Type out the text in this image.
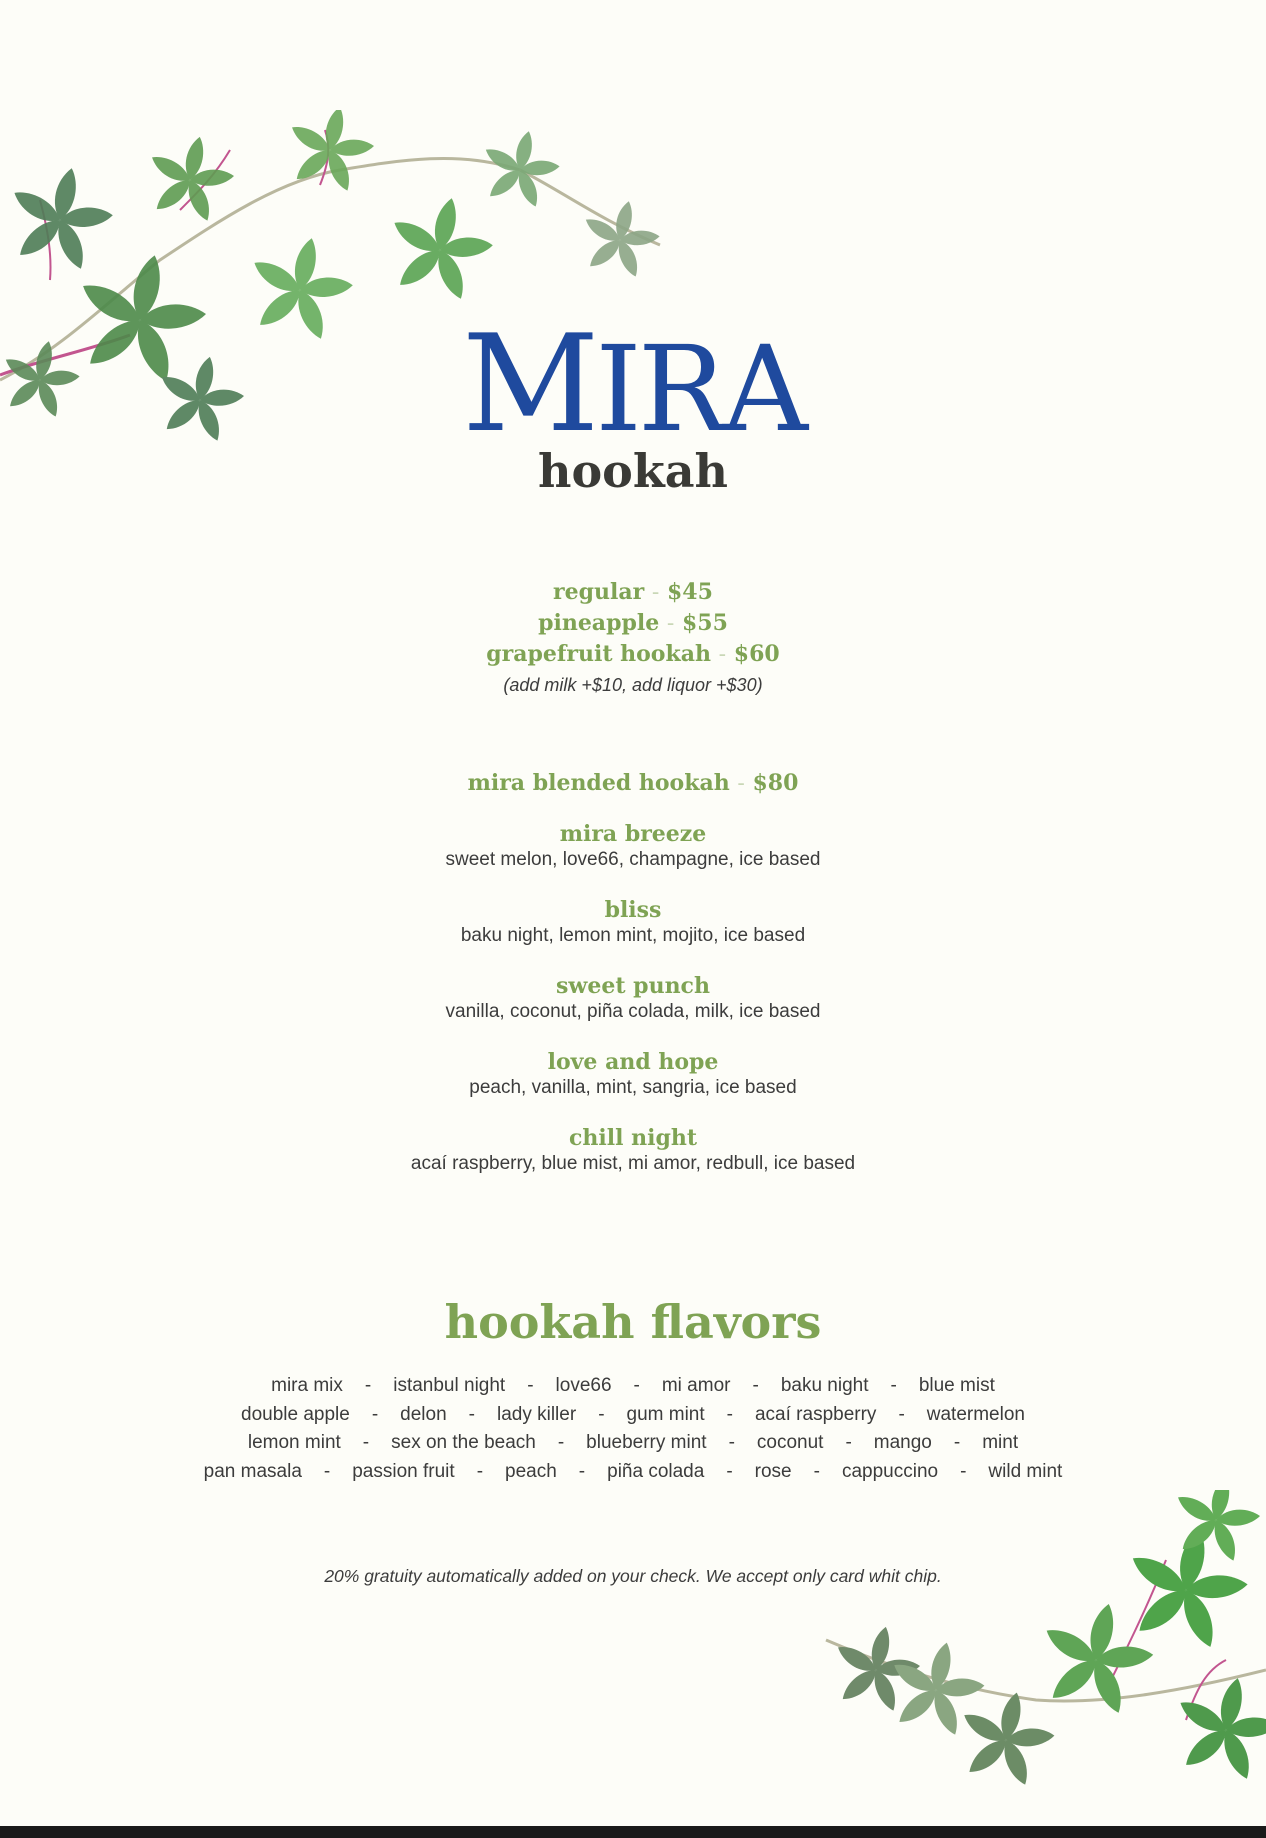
MIRA
hookah
regular - $45
pineapple - $55
grapefruit hookah - $60
(add milk +$10, add liquor +$30)
mira blended hookah - $80
mira breeze
sweet melon, love66, champagne, ice based
bliss
baku night, lemon mint, mojito, ice based
sweet punch
vanilla, coconut, piña colada, milk, ice based
love and hope
peach, vanilla, mint, sangria, ice based
chill night
acaí raspberry, blue mist, mi amor, redbull, ice based
hookah flavors
mira mix - istanbul night - love66 - mi amor - baku night - blue mist
double apple - delon - lady killer - gum mint - acaí raspberry - watermelon
lemon mint - sex on the beach - blueberry mint - coconut - mango - mint
pan masala - passion fruit - peach - piña colada - rose - cappuccino - wild mint
20% gratuity automatically added on your check. We accept only card whit chip.
